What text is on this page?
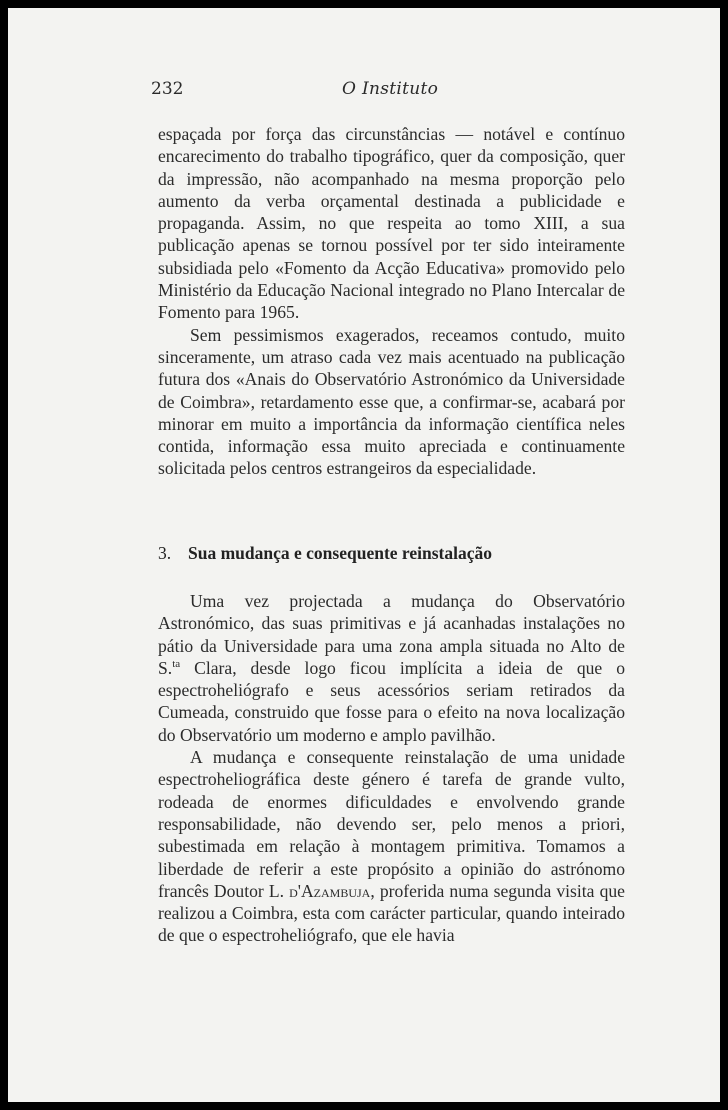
232	O Instituto

espaçada por força das circunstâncias — notável e contínuo encarecimento do trabalho tipográfico, quer da composição, quer da impressão, não acompanhado na mesma proporção pelo aumento da verba orçamental destinada a publicidade e propaganda. Assim, no que respeita ao tomo XIII, a sua publicação apenas se tornou possível por ter sido inteiramente subsidiada pelo «Fomento da Acção Educativa» promovido pelo Ministério da Educação Nacional integrado no Plano Intercalar de Fomento para 1965.

Sem pessimismos exagerados, receamos contudo, muito sinceramente, um atraso cada vez mais acentuado na publicação futura dos «Anais do Observatório Astronómico da Universidade de Coimbra», retardamento esse que, a confirmar-se, acabará por minorar em muito a importância da informação científica neles contida, informação essa muito apreciada e continuamente solicitada pelos centros estrangeiros da especialidade.

3. Sua mudança e consequente reinstalação

Uma vez projectada a mudança do Observatório Astronómico, das suas primitivas e já acanhadas instalações no pátio da Universidade para uma zona ampla situada no Alto de S.$^{ta}$ Clara, desde logo ficou implícita a ideia de que o espectroheliógrafo e seus acessórios seriam retirados da Cumeada, construido que fosse para o efeito na nova localização do Observatório um moderno e amplo pavilhão.

A mudança e consequente reinstalação de uma unidade espectroheliográfica deste género é tarefa de grande vulto, rodeada de enormes dificuldades e envolvendo grande responsabilidade, não devendo ser, pelo menos a priori, subestimada em relação à montagem primitiva. Tomamos a liberdade de referir a este propósito a opinião do astrónomo francês Doutor L. d'Azambuja, proferida numa segunda visita que realizou a Coimbra, esta com carácter particular, quando inteirado de que o espectroheliógrafo, que ele havia
